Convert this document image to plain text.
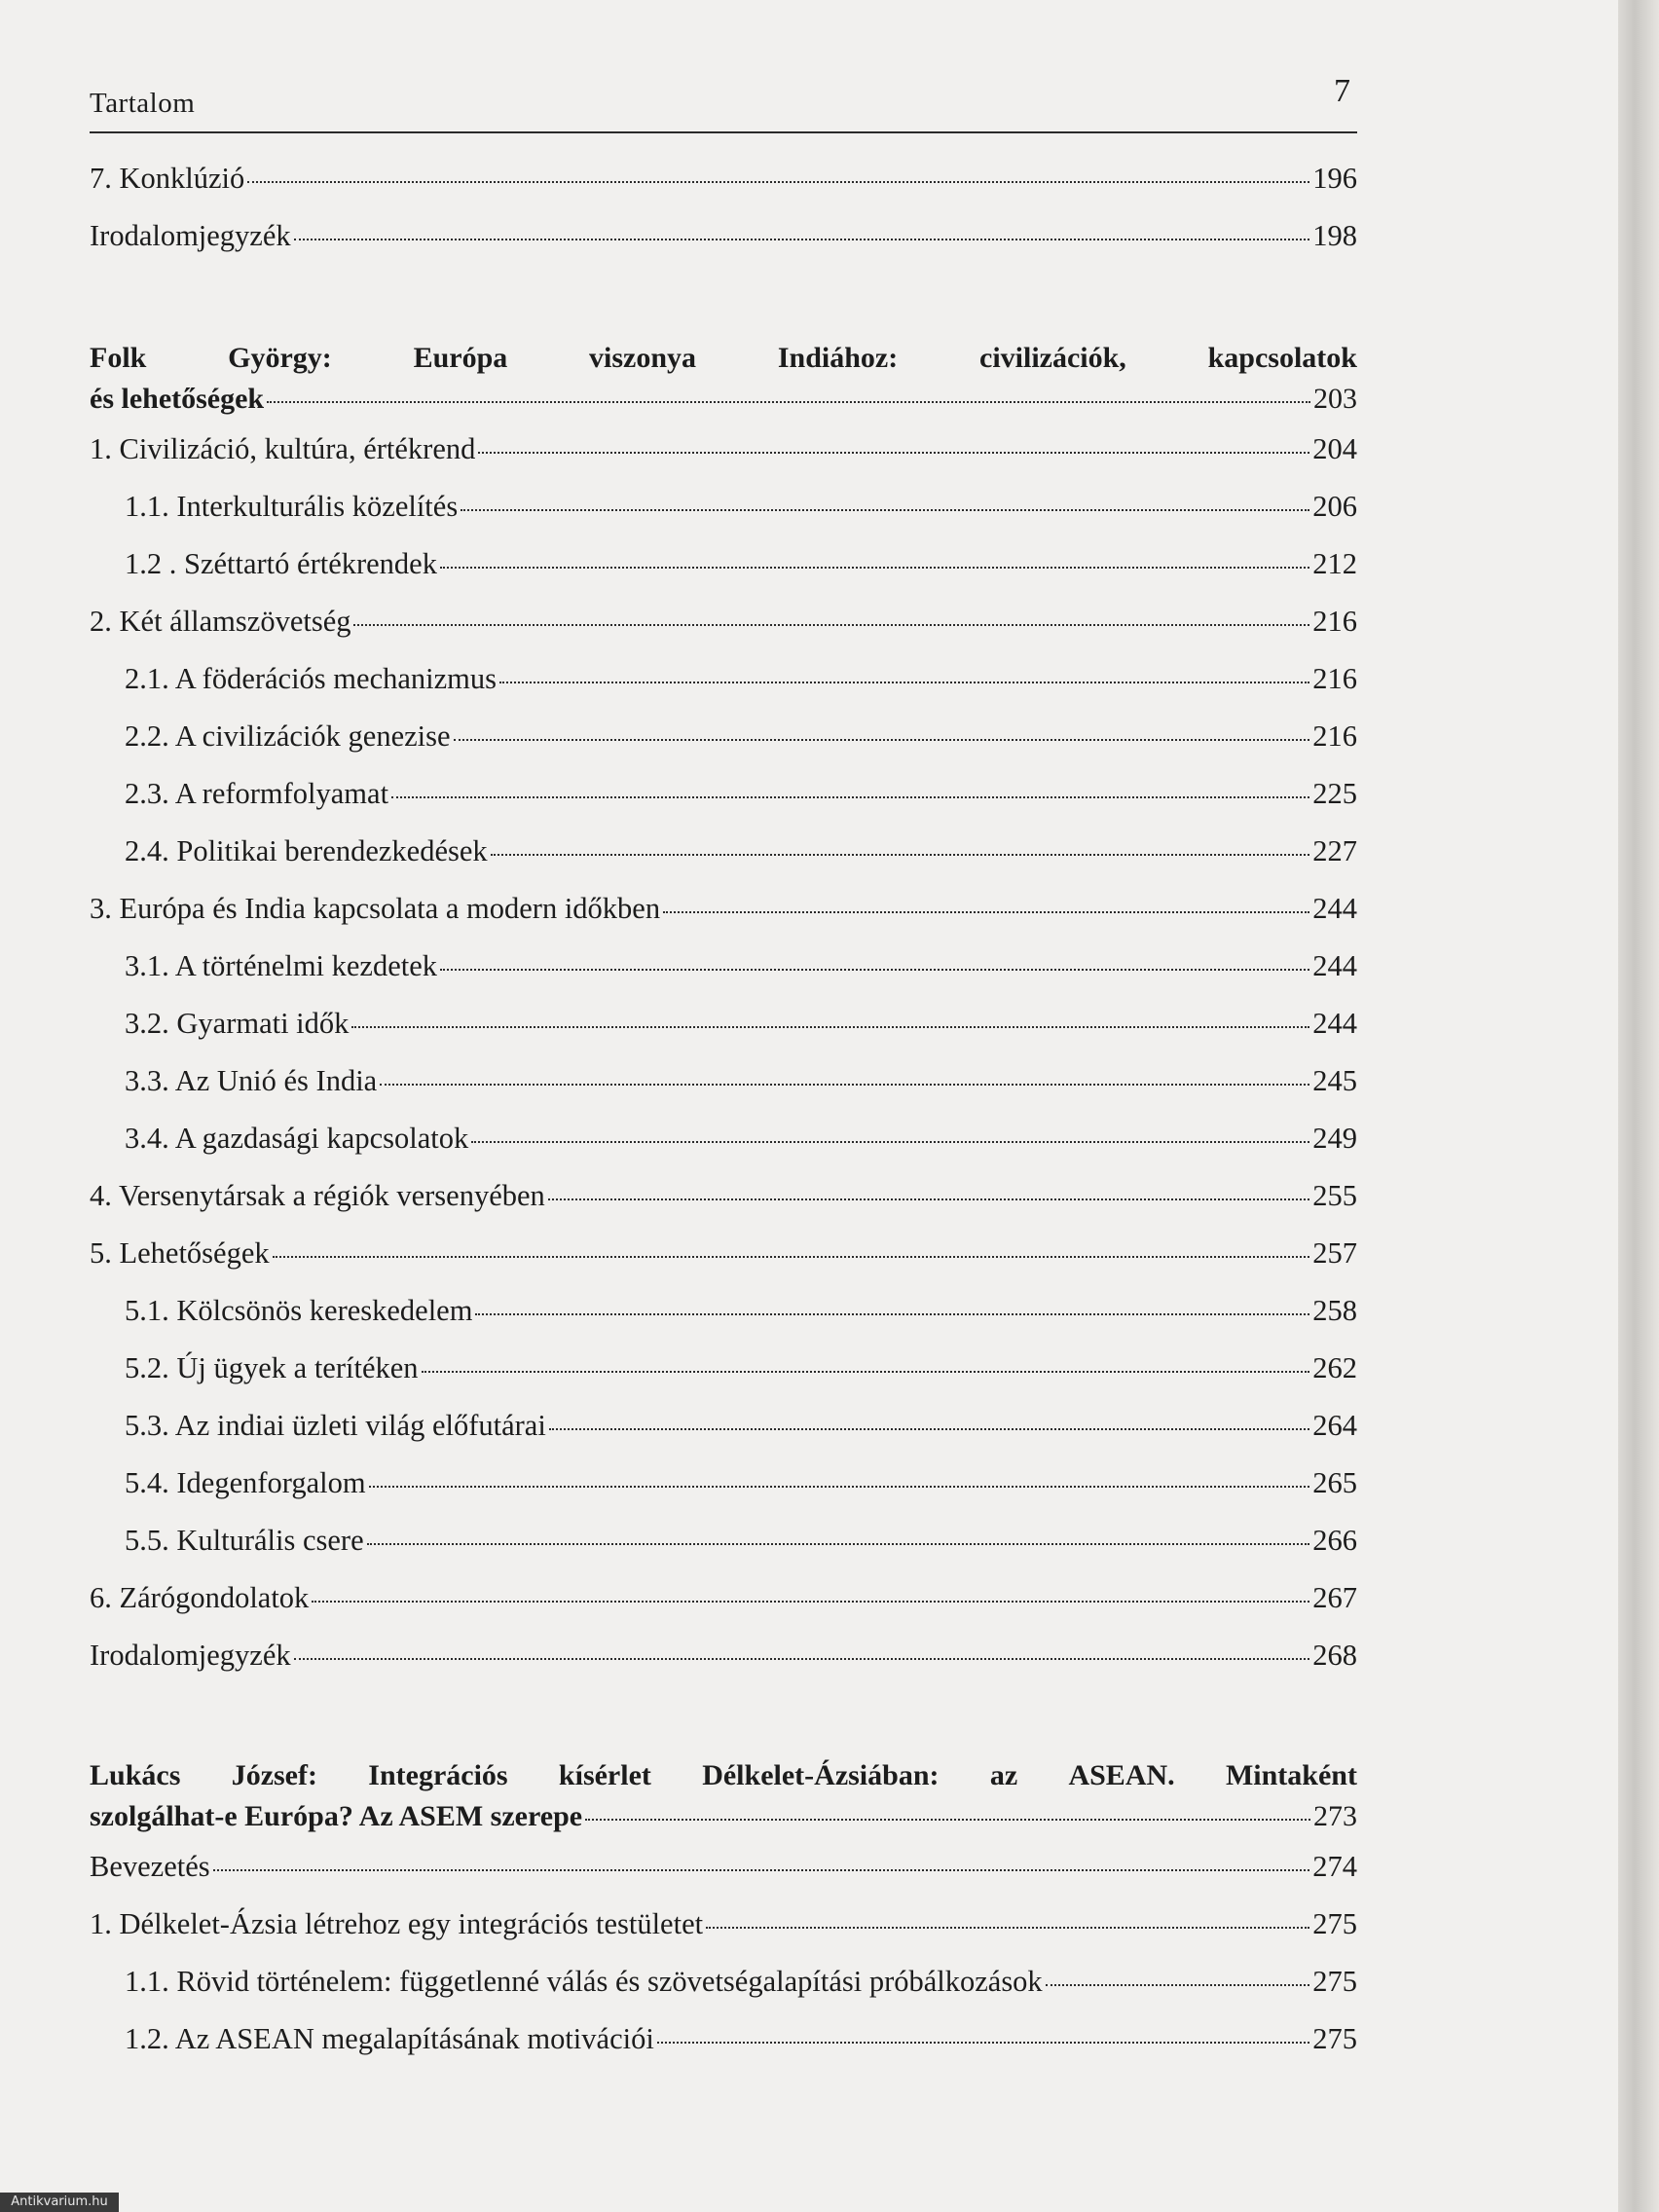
Tartalom	7
7. Konklúzió	196
Irodalomjegyzék	198
Folk	György:	Európa	viszonya	Indiához:	civilizációk,	kapcsolatok
és lehetőségek	203
1. Civilizáció, kultúra, értékrend	204
1.1. Interkulturális közelítés	206
1.2 . Széttartó értékrendek	212
2. Két államszövetség	216
2.1. A föderációs mechanizmus	216
2.2. A civilizációk genezise	216
2.3. A reformfolyamat	225
2.4. Politikai berendezkedések	227
3. Európa és India kapcsolata a modern időkben	244
3.1. A történelmi kezdetek	244
3.2. Gyarmati idők	244
3.3. Az Unió és India	245
3.4. A gazdasági kapcsolatok	249
4. Versenytársak a régiók versenyében	255
5. Lehetőségek	257
5.1. Kölcsönös kereskedelem	258
5.2. Új ügyek a terítéken	262
5.3. Az indiai üzleti világ előfutárai	264
5.4. Idegenforgalom	265
5.5. Kulturális csere	266
6. Zárógondolatok	267
Irodalomjegyzék	268
Lukács József: Integrációs kísérlet Délkelet-Ázsiában: az ASEAN. Mintaként
szolgálhat-e Európa? Az ASEM szerepe	273
Bevezetés	274
1. Délkelet-Ázsia létrehoz egy integrációs testületet	275
1.1. Rövid történelem: függetlenné válás és szövetségalapítási próbálkozások	275
1.2. Az ASEAN megalapításának motivációi	275
Antikvarium.hu
